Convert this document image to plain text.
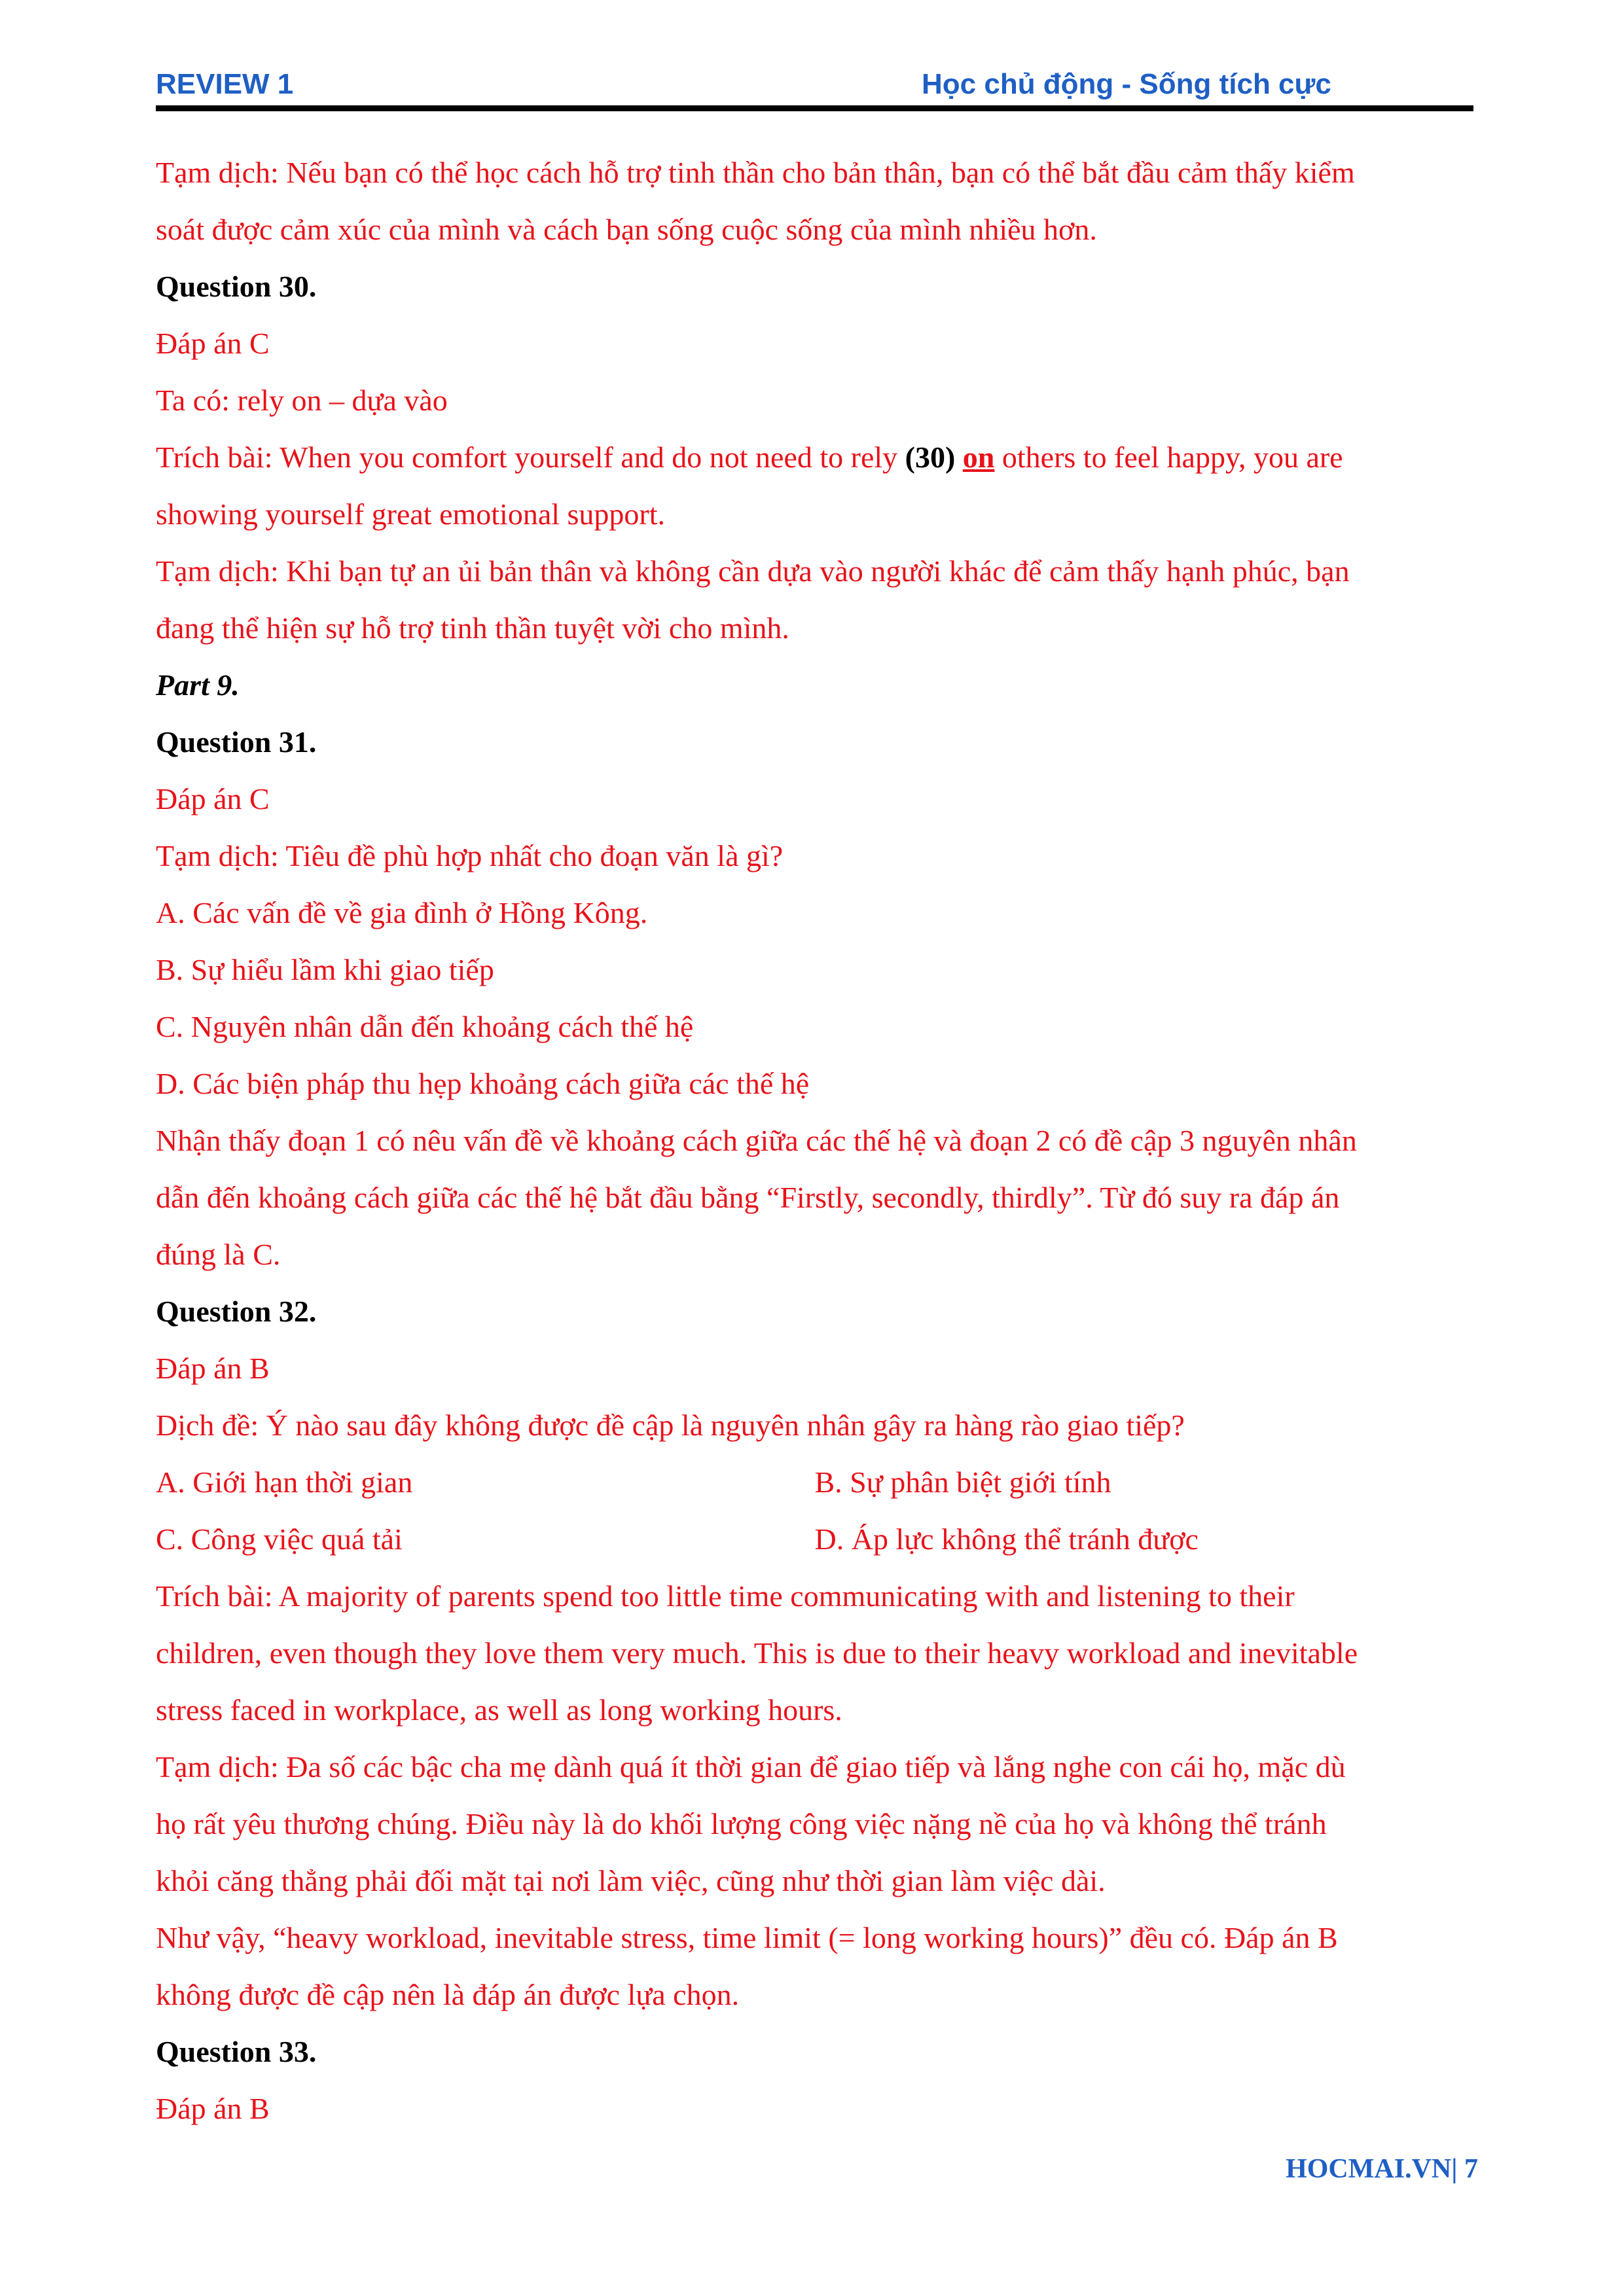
REVIEW 1	Học chủ động - Sống tích cực

Tạm dịch: Nếu bạn có thể học cách hỗ trợ tinh thần cho bản thân, bạn có thể bắt đầu cảm thấy kiểm

soát được cảm xúc của mình và cách bạn sống cuộc sống của mình nhiều hơn.

Question 30.

Đáp án C

Ta có: rely on – dựa vào

Trích bài: When you comfort yourself and do not need to rely (30) on others to feel happy, you are

showing yourself great emotional support.

Tạm dịch: Khi bạn tự an ủi bản thân và không cần dựa vào người khác để cảm thấy hạnh phúc, bạn

đang thể hiện sự hỗ trợ tinh thần tuyệt vời cho mình.

Part 9.

Question 31.

Đáp án C

Tạm dịch: Tiêu đề phù hợp nhất cho đoạn văn là gì?

A. Các vấn đề về gia đình ở Hồng Kông.

B. Sự hiểu lầm khi giao tiếp

C. Nguyên nhân dẫn đến khoảng cách thế hệ

D. Các biện pháp thu hẹp khoảng cách giữa các thế hệ

Nhận thấy đoạn 1 có nêu vấn đề về khoảng cách giữa các thế hệ và đoạn 2 có đề cập 3 nguyên nhân

dẫn đến khoảng cách giữa các thế hệ bắt đầu bằng “Firstly, secondly, thirdly”. Từ đó suy ra đáp án

đúng là C.

Question 32.

Đáp án B

Dịch đề: Ý nào sau đây không được đề cập là nguyên nhân gây ra hàng rào giao tiếp?

A. Giới hạn thời gian	B. Sự phân biệt giới tính
C. Công việc quá tải	D. Áp lực không thể tránh được

Trích bài: A majority of parents spend too little time communicating with and listening to their

children, even though they love them very much. This is due to their heavy workload and inevitable

stress faced in workplace, as well as long working hours.

Tạm dịch: Đa số các bậc cha mẹ dành quá ít thời gian để giao tiếp và lắng nghe con cái họ, mặc dù

họ rất yêu thương chúng. Điều này là do khối lượng công việc nặng nề của họ và không thể tránh

khỏi căng thẳng phải đối mặt tại nơi làm việc, cũng như thời gian làm việc dài.

Như vậy, “heavy workload, inevitable stress, time limit (= long working hours)” đều có. Đáp án B

không được đề cập nên là đáp án được lựa chọn.

Question 33.

Đáp án B

HOCMAI.VN| 7
